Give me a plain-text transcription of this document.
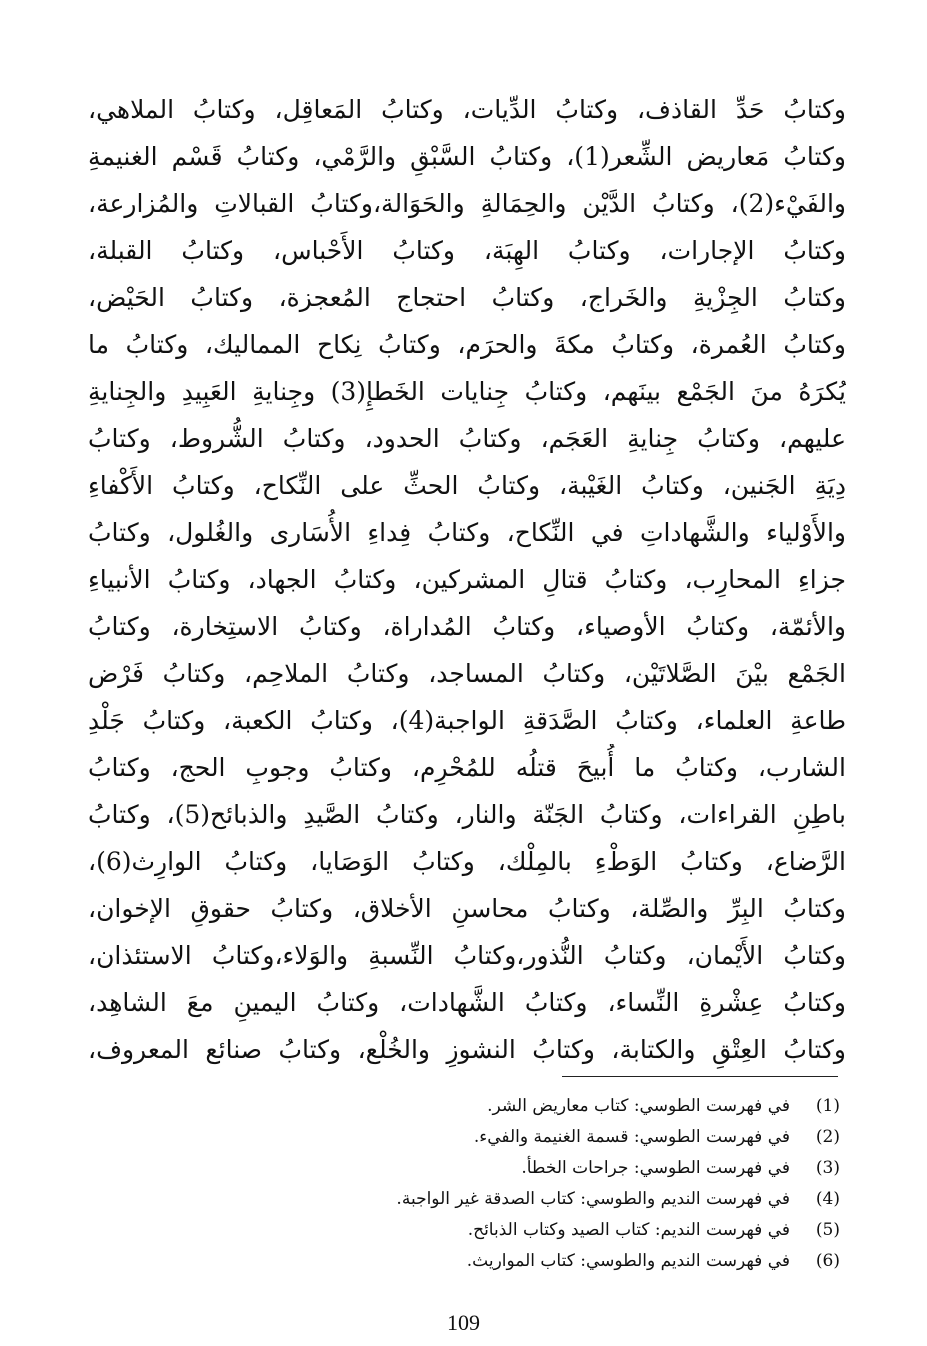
وكتابُ حَدِّ القاذف، وكتابُ الدِّيات، وكتابُ المَعاقِل، وكتابُ الملاهي،
وكتابُ مَعاريض الشِّعر(1)، وكتابُ السَّبْقِ والرَّمْي، وكتابُ قَسْم الغنيمةِ
والفَيْء(2)، وكتابُ الدَّيْن والحِمَالةِ والحَوَالة،وكتابُ القبالاتِ والمُزارعة،
وكتابُ الإجارات، وكتابُ الهِبَة، وكتابُ الأَحْباس، وكتابُ القبلة،
وكتابُ الجِزْيةِ والخَراج، وكتابُ احتجاج المُعجزة، وكتابُ الحَيْض،
وكتابُ العُمرة، وكتابُ مكةَ والحرَم، وكتابُ نِكاح المماليك، وكتابُ ما
يُكرَهُ منَ الجَمْع بينَهم، وكتابُ جِنايات الخَطإِ(3) وجِنايةِ العَبِيدِ والجِنايةِ
عليهم، وكتابُ جِنايةِ العَجَم، وكتابُ الحدود، وكتابُ الشُّروط، وكتابُ
دِيَةِ الجَنين، وكتابُ الغَيْبة، وكتابُ الحثِّ على النِّكاح، وكتابُ الأَكْفاءِ
والأَوْلياء والشَّهاداتِ في النِّكاح، وكتابُ فِداءِ الأُسَارى والغُلول، وكتابُ
جزاءِ المحارِب، وكتابُ قتالِ المشركين، وكتابُ الجهاد، وكتابُ الأنبياءِ
والأئمّة، وكتابُ الأوصياء، وكتابُ المُداراة، وكتابُ الاستِخارة، وكتابُ
الجَمْع بيْنَ الصَّلاتَيْن، وكتابُ المساجد، وكتابُ الملاحِم، وكتابُ فَرْض
طاعةِ العلماء، وكتابُ الصَّدَقةِ الواجبة(4)، وكتابُ الكعبة، وكتابُ جَلْدِ
الشارب، وكتابُ ما أُبيحَ قتلُه للمُحْرِم، وكتابُ وجوبِ الحج، وكتابُ
باطِنِ القراءات، وكتابُ الجَنّة والنار، وكتابُ الصَّيدِ والذبائح(5)، وكتابُ
الرَّضاع، وكتابُ الوَطْءِ بالمِلْك، وكتابُ الوَصَايا، وكتابُ الوارِث(6)،
وكتابُ البِرِّ والصِّلة، وكتابُ محاسنِ الأخلاق، وكتابُ حقوقِ الإخوان،
وكتابُ الأَيْمان، وكتابُ النُّذور،وكتابُ النِّسبةِ والوَلاء،وكتابُ الاستئذان،
وكتابُ عِشْرةِ النِّساء، وكتابُ الشَّهادات، وكتابُ اليمينِ معَ الشاهِد،
وكتابُ العِتْقِ والكتابة، وكتابُ النشوزِ والخُلْع، وكتابُ صنائع المعروف،
(1)
في فهرست الطوسي: كتاب معاريض الشر.
(2)
في فهرست الطوسي: قسمة الغنيمة والفيء.
(3)
في فهرست الطوسي: جراحات الخطأ.
(4)
في فهرست النديم والطوسي: كتاب الصدقة غير الواجبة.
(5)
في فهرست النديم: كتاب الصيد وكتاب الذبائح.
(6)
في فهرست النديم والطوسي: كتاب المواريث.
109
